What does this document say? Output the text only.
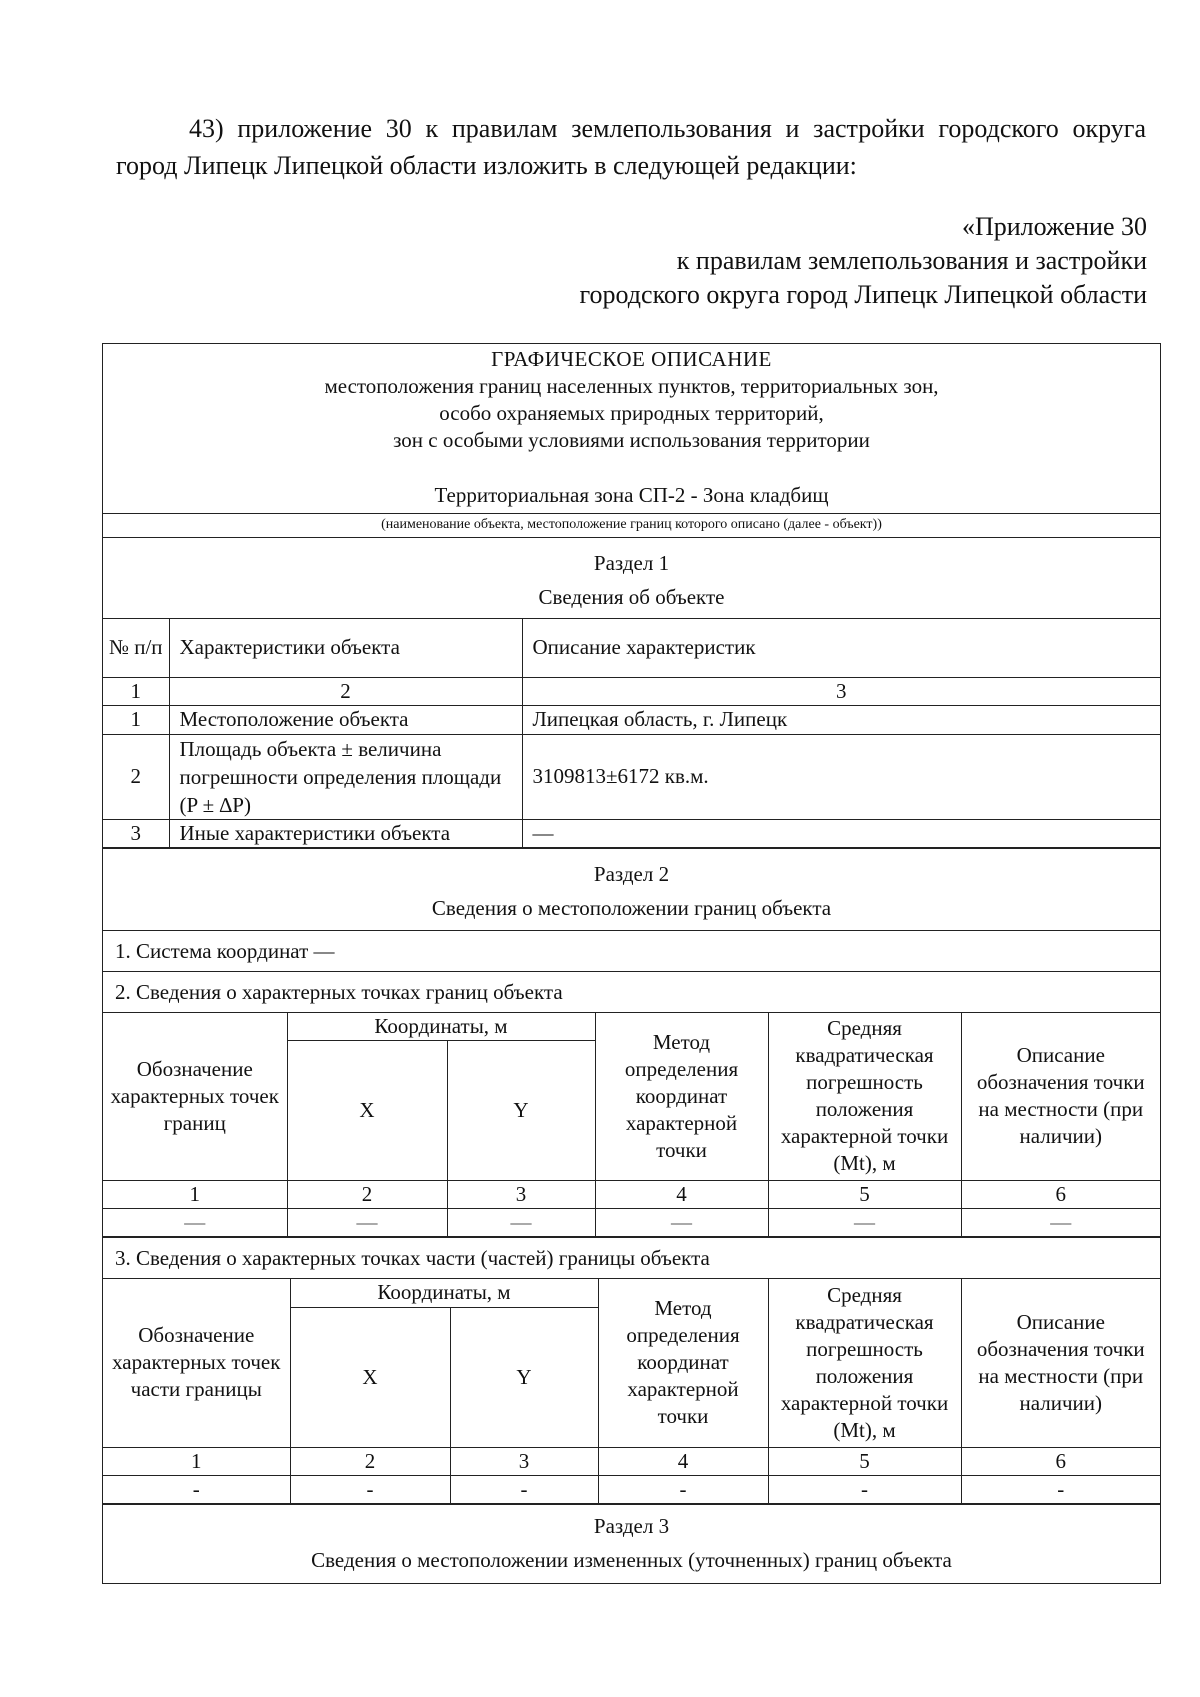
43) приложение 30 к правилам землепользования и застройки городского округа город Липецк Липецкой области изложить в следующей редакции:
«Приложение 30
к правилам землепользования и застройки
городского округа город Липецк Липецкой области
ГРАФИЧЕСКОЕ ОПИСАНИЕ
местоположения границ населенных пунктов, территориальных зон,
особо охраняемых природных территорий,
зон с особыми условиями использования территории
Территориальная зона СП-2 - Зона кладбищ
(наименование объекта, местоположение границ которого описано (далее - объект))
Раздел 1
Сведения об объекте
№ п/п	Характеристики объекта	Описание характеристик
1	2	3
1	Местоположение объекта	Липецкая область, г. Липецк
2	Площадь объекта ± величина погрешности определения площади (P ± ∆P)	3109813±6172 кв.м.
3	Иные характеристики объекта	—
Раздел 2
Сведения о местоположении границ объекта
1. Система координат —
2. Сведения о характерных точках границ объекта
Обозначение характерных точек границ	Координаты, м		Метод определения координат характерной точки	Средняя квадратическая погрешность положения характерной точки (Mt), м	Описание обозначения точки на местности (при наличии)
	X	Y			
1	2	3	4	5	6
—	—	—	—	—	—
3. Сведения о характерных точках части (частей) границы объекта
Обозначение характерных точек части границы	Координаты, м		Метод определения координат характерной точки	Средняя квадратическая погрешность положения характерной точки (Mt), м	Описание обозначения точки на местности (при наличии)
	X	Y			
1	2	3	4	5	6
-	-	-	-	-	-
Раздел 3
Сведения о местоположении измененных (уточненных) границ объекта
